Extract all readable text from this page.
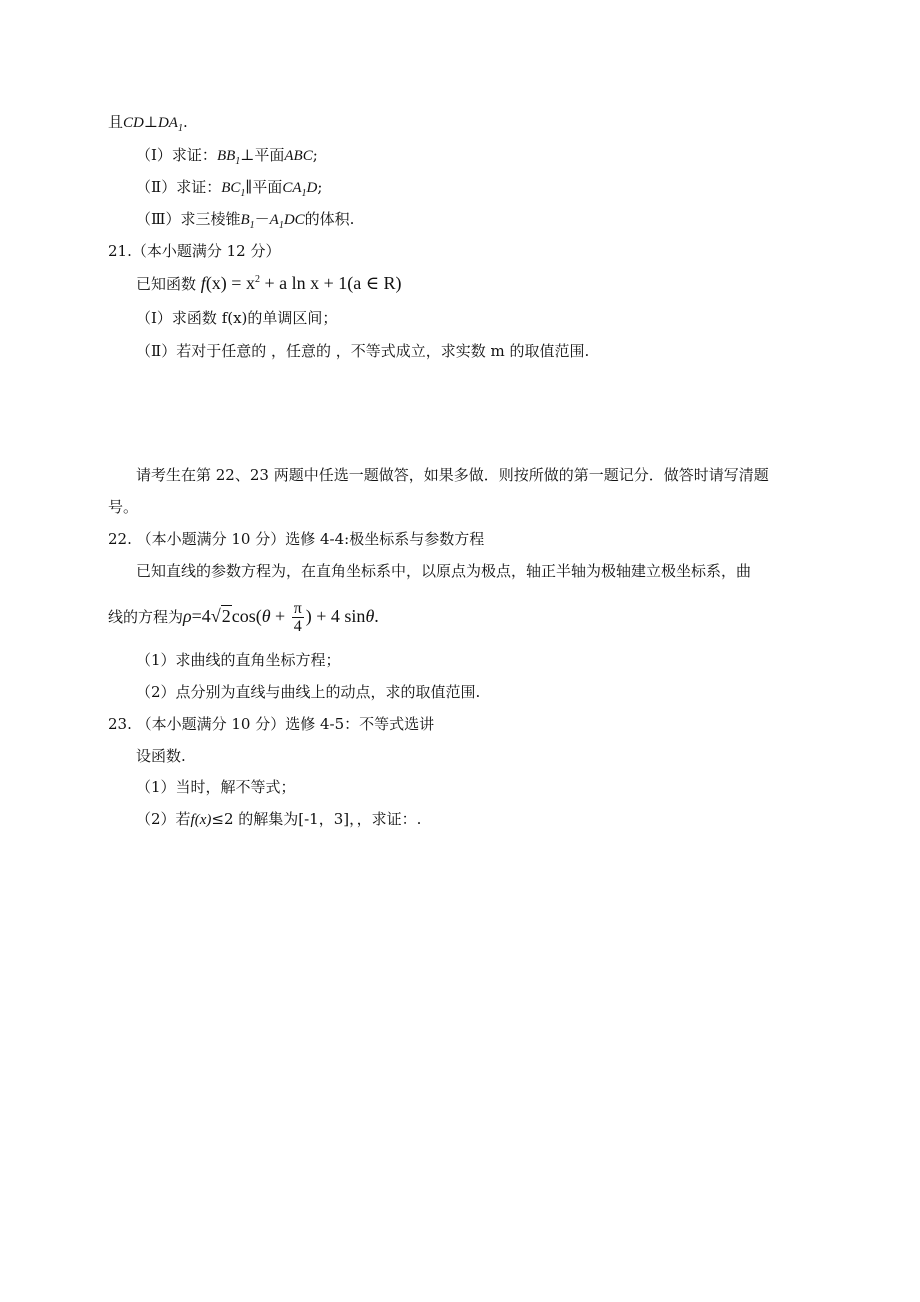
且$CD\perp DA_1$.
（Ⅰ）求证：$BB_1\perp$平面ABC;
（Ⅱ）求证：$BC_1\parallel$平面$CA_1D$;
（Ⅲ）求三棱锥$B_1-A_1DC$的体积.
21.（本小题满分 12 分）
已知函数 $f(x) = x^2 + a$ ln x + 1(a ∈ R)
（Ⅰ）求函数 f(x)的单调区间；
（Ⅱ）若对于任意的 ，任意的 ，不等式成立，求实数 m 的取值范围.
请考生在第 22、23 两题中任选一题做答，如果多做．则按所做的第一题记分．做答时请写清题
号。
22. （本小题满分 10 分）选修 4-4:极坐标系与参数方程
已知直线的参数方程为，在直角坐标系中，以原点为极点，轴正半轴为极轴建立极坐标系，曲
线的方程为$\rho=4√2\cos(\theta + \frac{\pi}{4}$ ) + 4 sinθ.
（1）求曲线的直角坐标方程；
（2）点分别为直线与曲线上的动点，求的取值范围.
23. （本小题满分 10 分）选修 4-5：不等式选讲
设函数.
（1）当时，解不等式；
（2）若f(x)≤2 的解集为[-1，3]，，求证：.
